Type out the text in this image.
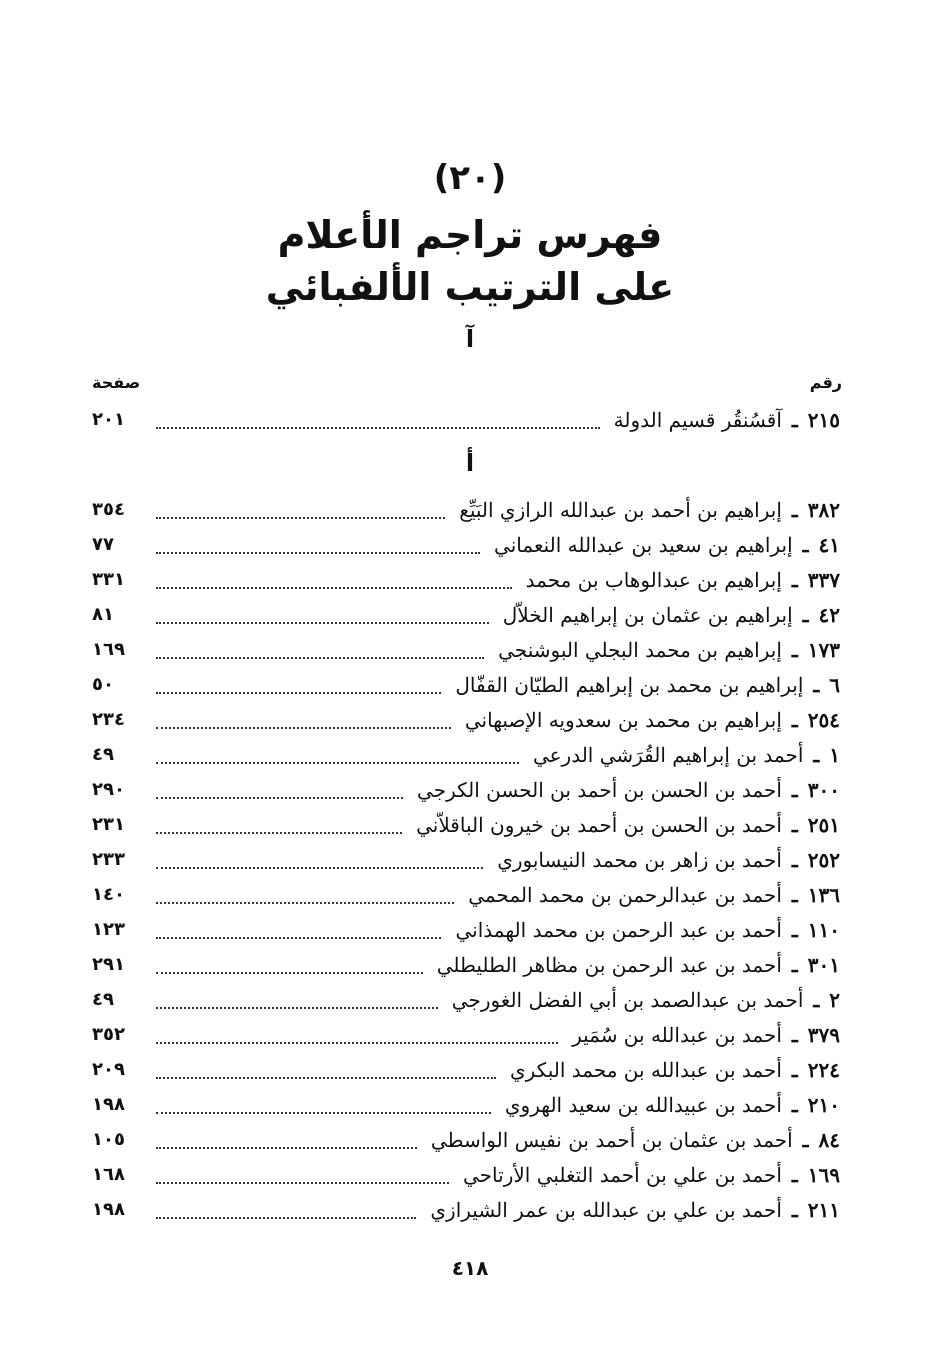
(٢٠)
فهرس تراجم الأعلام
على الترتيب الألفبائي
آ
رقم
صفحة
٢١٥
ـ
آقسُنقُر قسيم الدولة
٢٠١
أ
٣٨٢
ـ
إبراهيم بن أحمد بن عبدالله الرازي البَيِّع
٣٥٤
٤١
ـ
إبراهيم بن سعيد بن عبدالله النعماني
٧٧
٣٣٧
ـ
إبراهيم بن عبدالوهاب بن محمد
٣٣١
٤٢
ـ
إبراهيم بن عثمان بن إبراهيم الخلاّل
٨١
١٧٣
ـ
إبراهيم بن محمد البجلي البوشنجي
١٦٩
٦
ـ
إبراهيم بن محمد بن إبراهيم الطيّان القفّال
٥٠
٢٥٤
ـ
إبراهيم بن محمد بن سعدويه الإصبهاني
٢٣٤
١
ـ
أحمد بن إبراهيم القُرَشي الدرعي
٤٩
٣٠٠
ـ
أحمد بن الحسن بن أحمد بن الحسن الكرجي
٢٩٠
٢٥١
ـ
أحمد بن الحسن بن أحمد بن خيرون الباقلاّني
٢٣١
٢٥٢
ـ
أحمد بن زاهر بن محمد النيسابوري
٢٣٣
١٣٦
ـ
أحمد بن عبدالرحمن بن محمد المحمي
١٤٠
١١٠
ـ
أحمد بن عبد الرحمن بن محمد الهمذاني
١٢٣
٣٠١
ـ
أحمد بن عبد الرحمن بن مظاهر الطليطلي
٢٩١
٢
ـ
أحمد بن عبدالصمد بن أبي الفضل الغورجي
٤٩
٣٧٩
ـ
أحمد بن عبدالله بن سُمَير
٣٥٢
٢٢٤
ـ
أحمد بن عبدالله بن محمد البكري
٢٠٩
٢١٠
ـ
أحمد بن عبيدالله بن سعيد الهروي
١٩٨
٨٤
ـ
أحمد بن عثمان بن أحمد بن نفيس الواسطي
١٠٥
١٦٩
ـ
أحمد بن علي بن أحمد التغلبي الأرتاحي
١٦٨
٢١١
ـ
أحمد بن علي بن عبدالله بن عمر الشيرازي
١٩٨
٤١٨
